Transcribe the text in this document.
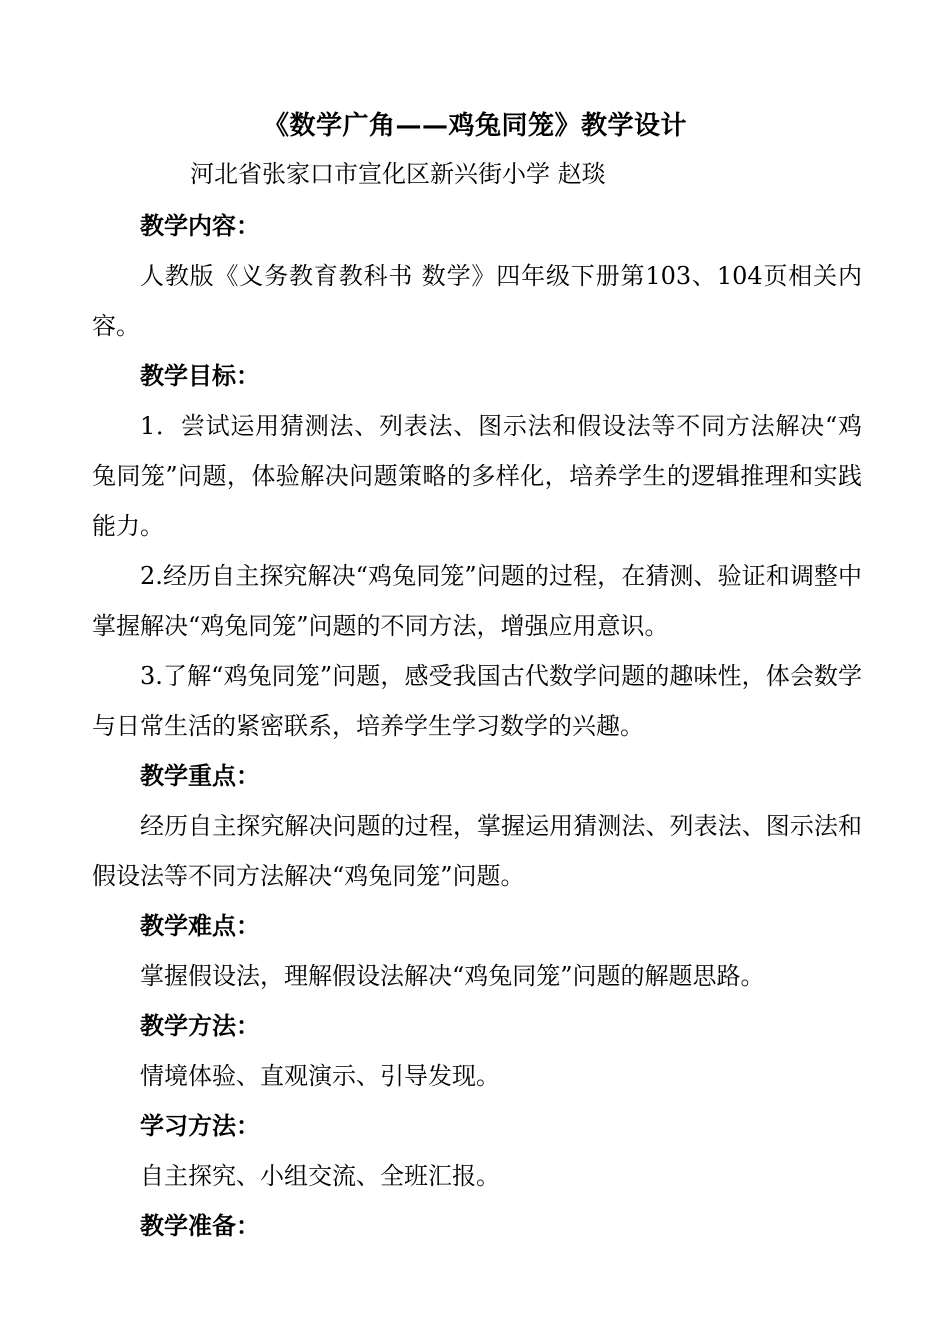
《数学广角——鸡兔同笼》教学设计
河北省张家口市宣化区新兴街小学 赵琰
教学内容：
人教版《义务教育教科书 数学》四年级下册第103、104页相关内容。
教学目标：
1．尝试运用猜测法、列表法、图示法和假设法等不同方法解决“鸡兔同笼”问题，体验解决问题策略的多样化，培养学生的逻辑推理和实践能力。
2.经历自主探究解决“鸡兔同笼”问题的过程，在猜测、验证和调整中掌握解决“鸡兔同笼”问题的不同方法，增强应用意识。
3.了解“鸡兔同笼”问题，感受我国古代数学问题的趣味性，体会数学与日常生活的紧密联系，培养学生学习数学的兴趣。
教学重点：
经历自主探究解决问题的过程，掌握运用猜测法、列表法、图示法和假设法等不同方法解决“鸡兔同笼”问题。
教学难点：
掌握假设法，理解假设法解决“鸡兔同笼”问题的解题思路。
教学方法：
情境体验、直观演示、引导发现。
学习方法：
自主探究、小组交流、全班汇报。
教学准备：
